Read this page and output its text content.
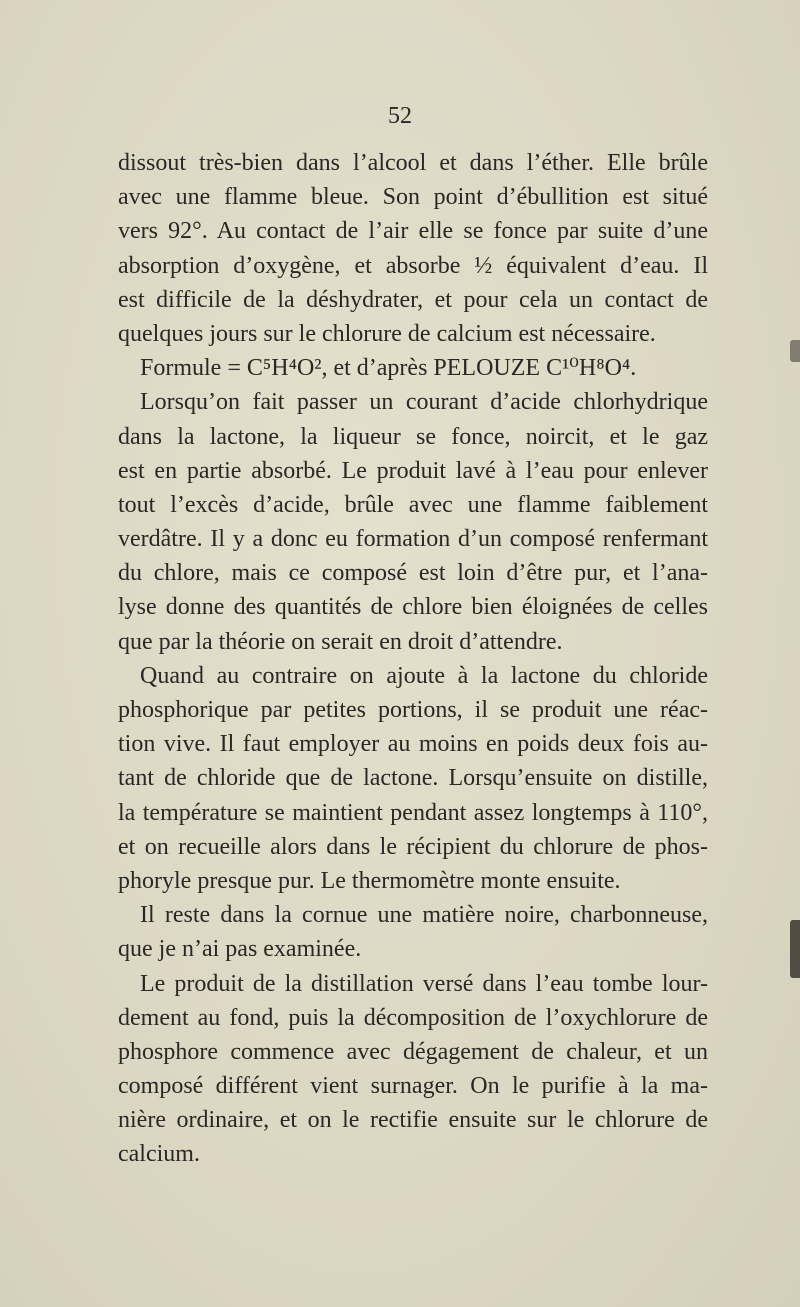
52
dissout très-bien dans l’alcool et dans l’éther. Elle brûle
avec une flamme bleue. Son point d’ébullition est situé
vers 92°. Au contact de l’air elle se fonce par suite d’une
absorption d’oxygène, et absorbe ½ équivalent d’eau. Il
est difficile de la déshydrater, et pour cela un contact de
quelques jours sur le chlorure de calcium est nécessaire.
Formule = C⁵H⁴O², et d’après PELOUZE C¹⁰H⁸O⁴.
Lorsqu’on fait passer un courant d’acide chlorhydrique
dans la lactone, la liqueur se fonce, noircit, et le gaz
est en partie absorbé. Le produit lavé à l’eau pour enlever
tout l’excès d’acide, brûle avec une flamme faiblement
verdâtre. Il y a donc eu formation d’un composé renfermant
du chlore, mais ce composé est loin d’être pur, et l’ana-
lyse donne des quantités de chlore bien éloignées de celles
que par la théorie on serait en droit d’attendre.
Quand au contraire on ajoute à la lactone du chloride
phosphorique par petites portions, il se produit une réac-
tion vive. Il faut employer au moins en poids deux fois au-
tant de chloride que de lactone. Lorsqu’ensuite on distille,
la température se maintient pendant assez longtemps à 110°,
et on recueille alors dans le récipient du chlorure de phos-
phoryle presque pur. Le thermomètre monte ensuite.
Il reste dans la cornue une matière noire, charbonneuse,
que je n’ai pas examinée.
Le produit de la distillation versé dans l’eau tombe lour-
dement au fond, puis la décomposition de l’oxychlorure de
phosphore commence avec dégagement de chaleur, et un
composé différent vient surnager. On le purifie à la ma-
nière ordinaire, et on le rectifie ensuite sur le chlorure de
calcium.
